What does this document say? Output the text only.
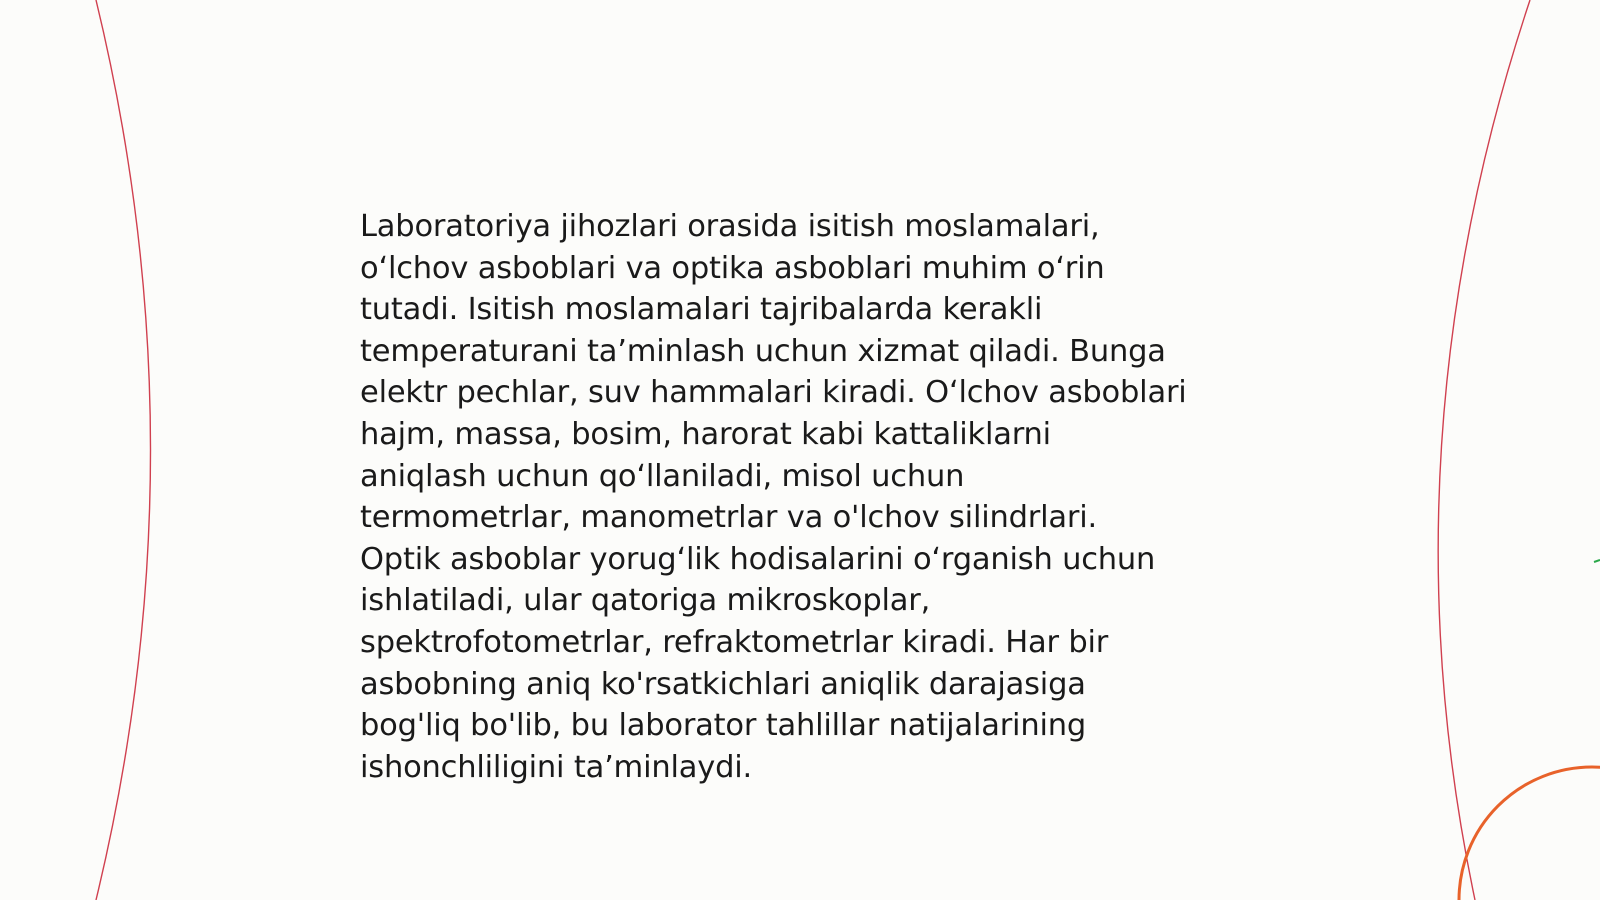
Laboratoriya jihozlari orasida isitish moslamalari,
o‘lchov asboblari va optika asboblari muhim o‘rin
tutadi. Isitish moslamalari tajribalarda kerakli
temperaturani ta’minlash uchun xizmat qiladi. Bunga
elektr pechlar, suv hammalari kiradi. O‘lchov asboblari
hajm, massa, bosim, harorat kabi kattaliklarni
aniqlash uchun qo‘llaniladi, misol uchun
termometrlar, manometrlar va o'lchov silindrlari.
Optik asboblar yorug‘lik hodisalarini o‘rganish uchun
ishlatiladi, ular qatoriga mikroskoplar,
spektrofotometrlar, refraktometrlar kiradi. Har bir
asbobning aniq ko'rsatkichlari aniqlik darajasiga
bog'liq bo'lib, bu laborator tahlillar natijalarining
ishonchliligini ta’minlaydi.
